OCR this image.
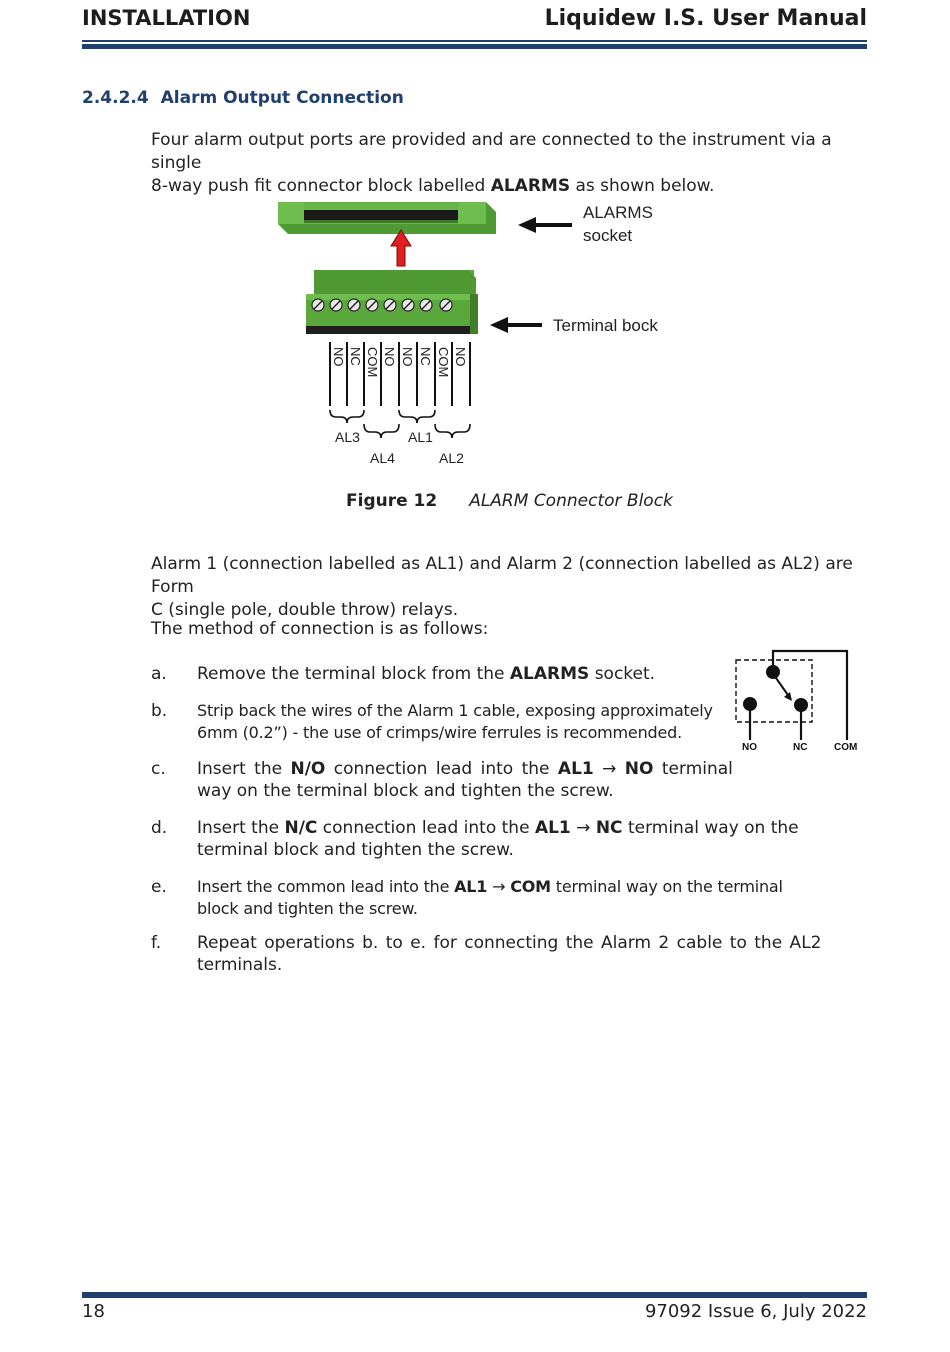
INSTALLATION	Liquidew I.S. User Manual
2.4.2.4 Alarm Output Connection
Four alarm output ports are provided and are connected to the instrument via a single
8-way push fit connector block labelled ALARMS as shown below.
ALARMS
socket
Terminal bock
NO NC COM NO NO NC COM NO
AL3
AL4
AL1
AL2
Figure 12 ALARM Connector Block
Alarm 1 (connection labelled as AL1) and Alarm 2 (connection labelled as AL2) are Form
C (single pole, double throw) relays.
The method of connection is as follows:
a. Remove the terminal block from the ALARMS socket.
b. Strip back the wires of the Alarm 1 cable, exposing approximately
6mm (0.2”) - the use of crimps/wire ferrules is recommended.
c. Insert the N/O connection lead into the AL1 → NO terminal
way on the terminal block and tighten the screw.
d. Insert the N/C connection lead into the AL1 → NC terminal way on the
terminal block and tighten the screw.
e. Insert the common lead into the AL1 → COM terminal way on the terminal
block and tighten the screw.
f. Repeat operations b. to e. for connecting the Alarm 2 cable to the AL2
terminals.
NO	NC	COM
18	97092 Issue 6, July 2022
